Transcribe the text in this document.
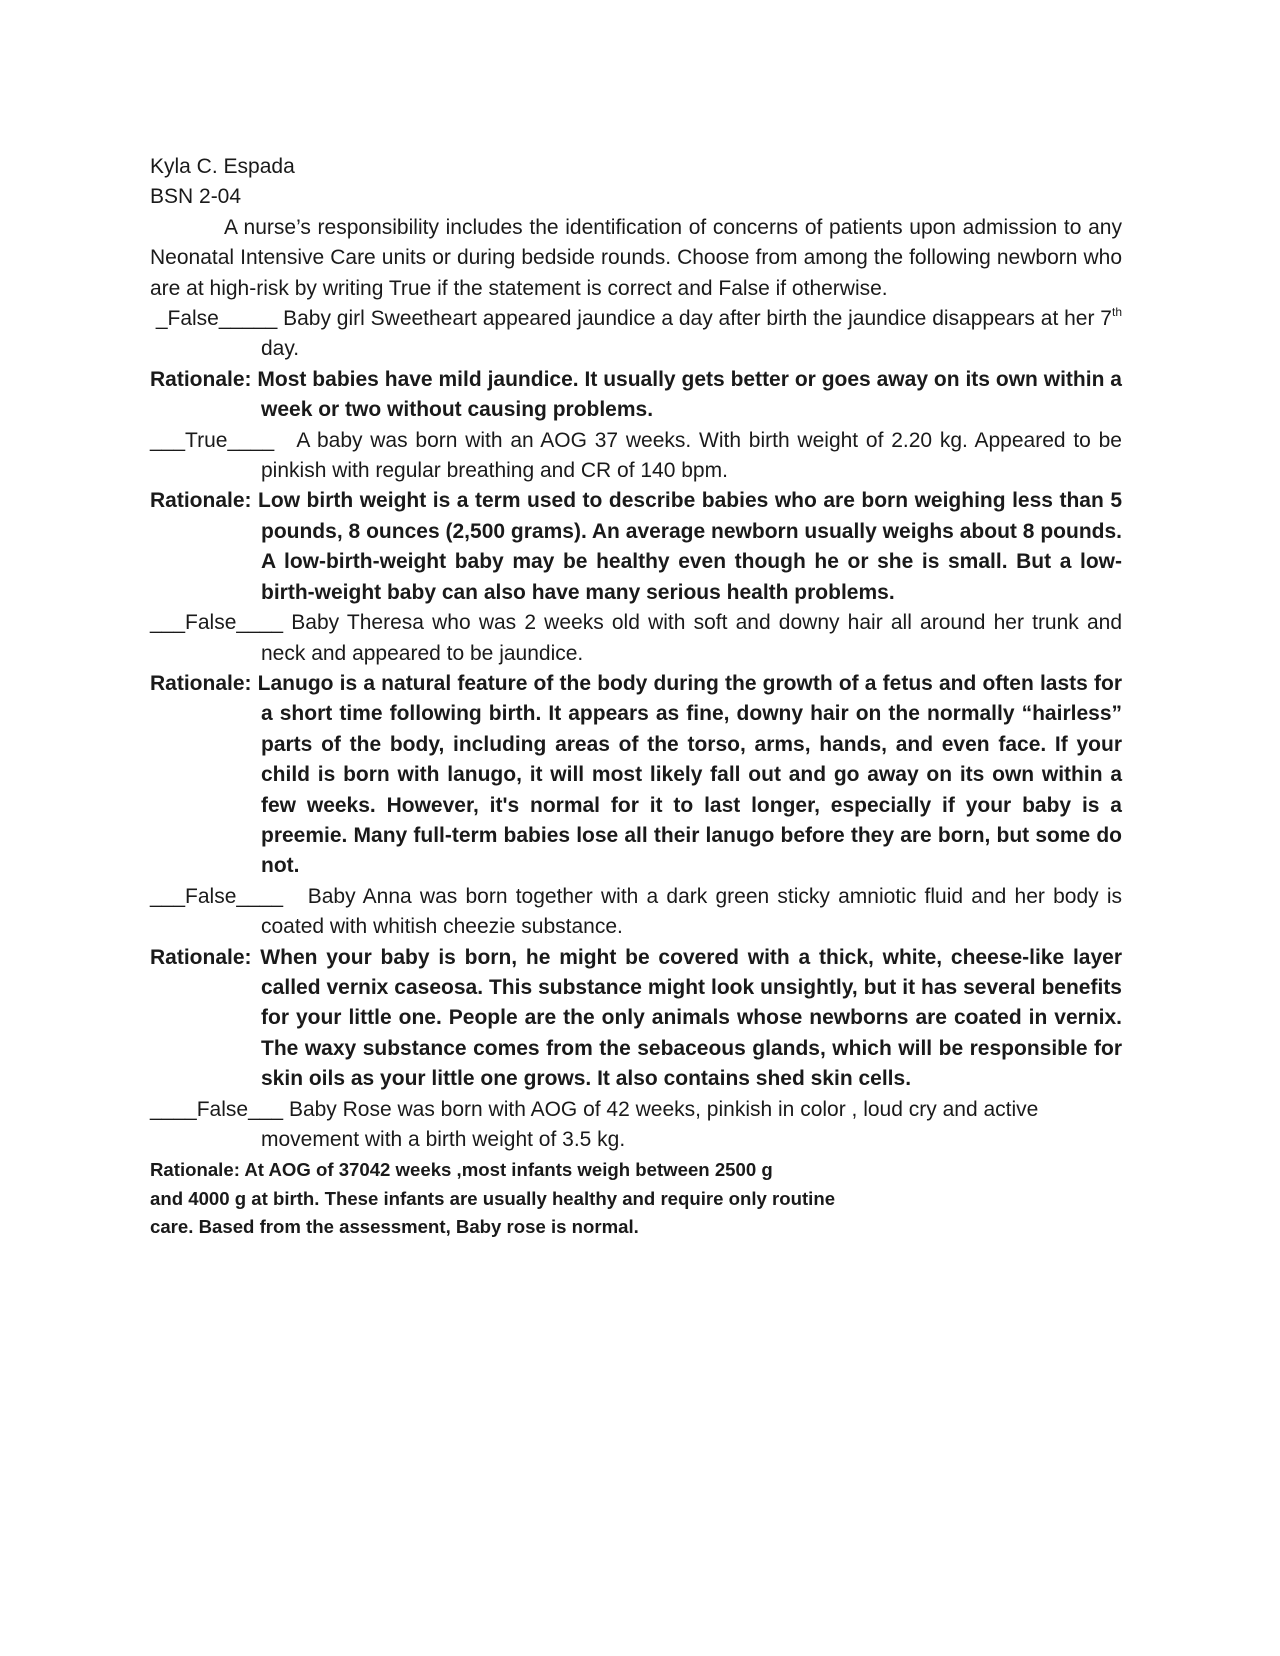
Kyla C. Espada
BSN 2-04
A nurse’s responsibility includes the identification of concerns of patients upon admission to any Neonatal Intensive Care units or during bedside rounds. Choose from among the following newborn who are at high-risk by writing True if the statement is correct and False if otherwise.
_False_____ Baby girl Sweetheart appeared jaundice a day after birth the jaundice disappears at her 7th day.
Rationale: Most babies have mild jaundice. It usually gets better or goes away on its own within a week or two without causing problems.
___True____   A baby was born with an AOG 37 weeks. With birth weight of 2.20 kg. Appeared to be pinkish with regular breathing and CR of 140 bpm.
Rationale: Low birth weight is a term used to describe babies who are born weighing less than 5 pounds, 8 ounces (2,500 grams). An average newborn usually weighs about 8 pounds. A low-birth-weight baby may be healthy even though he or she is small. But a low-birth-weight baby can also have many serious health problems.
___False____ Baby Theresa who was 2 weeks old with soft and downy hair all around her trunk and neck and appeared to be jaundice.
Rationale: Lanugo is a natural feature of the body during the growth of a fetus and often lasts for a short time following birth. It appears as fine, downy hair on the normally “hairless” parts of the body, including areas of the torso, arms, hands, and even face. If your child is born with lanugo, it will most likely fall out and go away on its own within a few weeks. However, it's normal for it to last longer, especially if your baby is a preemie. Many full-term babies lose all their lanugo before they are born, but some do not.
___False____   Baby Anna was born together with a dark green sticky amniotic fluid and her body is coated with whitish cheezie substance.
Rationale: When your baby is born, he might be covered with a thick, white, cheese-like layer called vernix caseosa. This substance might look unsightly, but it has several benefits for your little one. People are the only animals whose newborns are coated in vernix. The waxy substance comes from the sebaceous glands, which will be responsible for skin oils as your little one grows. It also contains shed skin cells.
____False___ Baby Rose was born with AOG of 42 weeks, pinkish in color , loud cry and active movement with a birth weight of 3.5 kg.
Rationale: At AOG of 37042 weeks ,most infants weigh between 2500 g
and 4000 g at birth. These infants are usually healthy and require only routine
care. Based from the assessment, Baby rose is normal.
